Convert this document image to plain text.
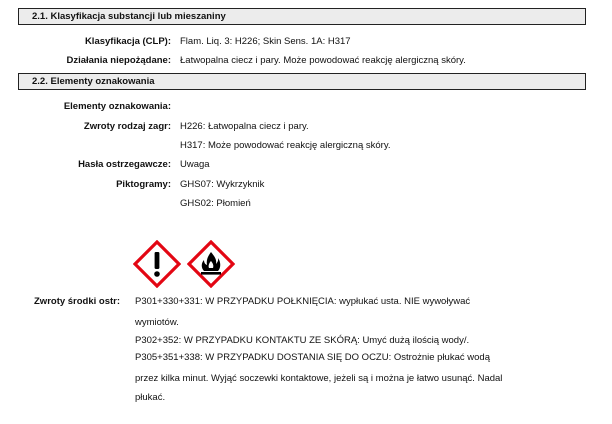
2.1. Klasyfikacja substancji lub mieszaniny
Klasyfikacja (CLP): Flam. Liq. 3: H226; Skin Sens. 1A: H317
Działania niepożądane: Łatwopalna ciecz i pary. Może powodować reakcję alergiczną skóry.
2.2. Elementy oznakowania
Elementy oznakowania:
Zwroty rodzaj zagr: H226: Łatwopalna ciecz i pary.
H317: Może powodować reakcję alergiczną skóry.
Hasła ostrzegawcze: Uwaga
Piktogramy: GHS07: Wykrzyknik
GHS02: Płomień
Zwroty środki ostr: P301+330+331: W PRZYPADKU POŁKNIĘCIA: wypłukać usta. NIE wywoływać
wymiotów.
P302+352: W PRZYPADKU KONTAKTU ZE SKÓRĄ: Umyć dużą ilością wody/.
P305+351+338: W PRZYPADKU DOSTANIA SIĘ DO OCZU: Ostrożnie płukać wodą
przez kilka minut. Wyjąć soczewki kontaktowe, jeżeli są i można je łatwo usunąć. Nadal
płukać.
